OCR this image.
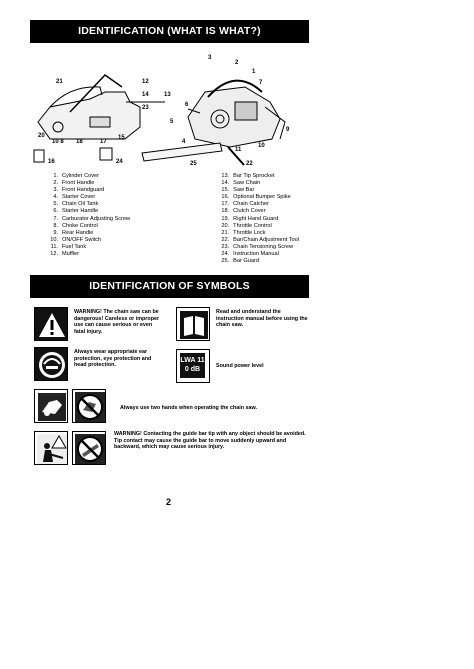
IDENTIFICATION (WHAT IS WHAT?)
3
2
1
7
21	12
13
14
6
23
5
9
4
11
10
20
10 8 18	17
15
16	24	25	22
1. Cylinder Cover
2. Front Handle
3. Front Handguard
4. Starter Cover
5. Chain Oil Tank
6. Starter Handle
7. Carburator Adjusting Screw
8. Choke Control
9. Rear Handle
10. ON/OFF Switch
11. Fuel Tank
12. Muffler
13. Bar Tip Sprocket
14. Saw Chain
15. Saw Bar
16. Optional Bumper Spike
17. Chain Catcher
18. Clutch Cover
19. Right Hand Guard
20. Throttle Control
21. Throttle Lock
22. Bar/Chain Adjustment Tool
23. Chain Tensioning Screw
24. Instruction Manual
25. Bar Guard
IDENTIFICATION OF SYMBOLS
WARNING! The chain saw can be dangerous! Careless or improper use can cause serious or even fatal injury.
Read and understand the instruction manual before using the chain saw.
Always wear appropriate ear protection, eye protection and head protection.
LWA 110 dB	Sound power level
Always use two hands when operating the chain saw.
WARNING! Contacting the guide bar tip with any object should be avoided. Tip contact may cause the guide bar to move suddenly upward and backward, which may cause serious injury.
2
